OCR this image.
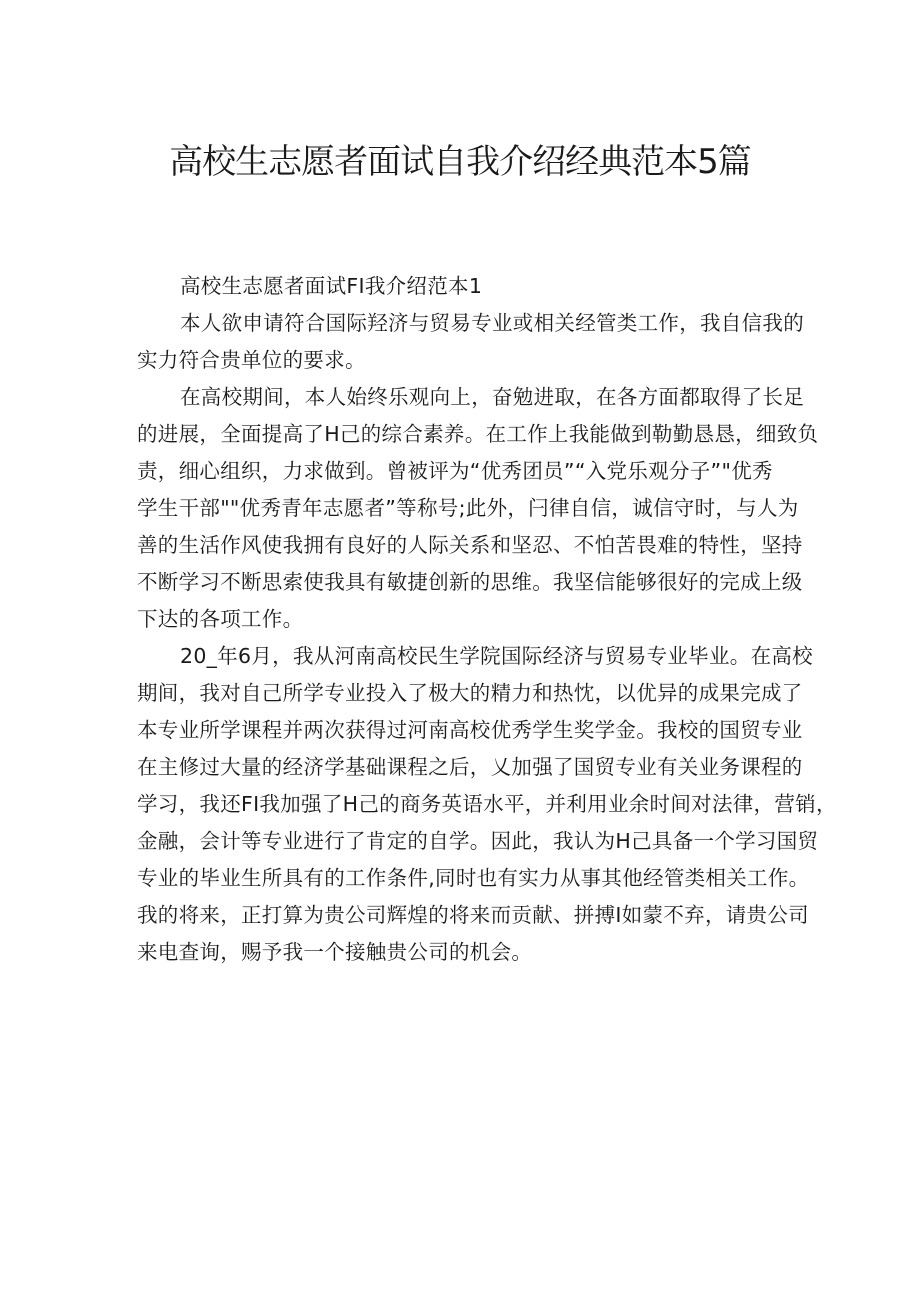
高校生志愿者面试自我介绍经典范本5篇
高校生志愿者面试FI我介绍范本1
本人欲申请符合国际羟济与贸易专业或相关经管类工作，我自信我的
实力符合贵单位的要求。
在高校期间，本人始终乐观向上，奋勉进取，在各方面都取得了长足
的进展，全面提高了H己的综合素养。在工作上我能做到勒勤恳恳，细致负
责，细心组织，力求做到。曾被评为“优秀团员”“入党乐观分子”"优秀
学生干部""优秀青年志愿者”等称号;此外，闩律自信，诚信守时，与人为
善的生活作风使我拥有良好的人际关系和坚忍、不怕苦畏难的特性，坚持
不断学习不断思索使我具有敏捷创新的思维。我坚信能够很好的完成上级
下达的各项工作。
20_年6月，我从河南高校民生学院国际经济与贸易专业毕业。在高校
期间，我对自己所学专业投入了极大的精力和热忱，以优异的成果完成了
本专业所学课程并两次获得过河南高校优秀学生奖学金。我校的国贸专业
在主修过大量的经济学基础课程之后，乂加强了国贸专业有关业务课程的
学习，我还FI我加强了H己的商务英语水平，并利用业余时间对法律，营销，
金融，会计等专业进行了肯定的自学。因此，我认为H己具备一个学习国贸
专业的毕业生所具有的工作条件,同时也有实力从事其他经管类相关工作。
我的将来，正打算为贵公司辉煌的将来而贡献、拼搏I如蒙不弃，请贵公司
来电查询，赐予我一个接触贵公司的机会。
